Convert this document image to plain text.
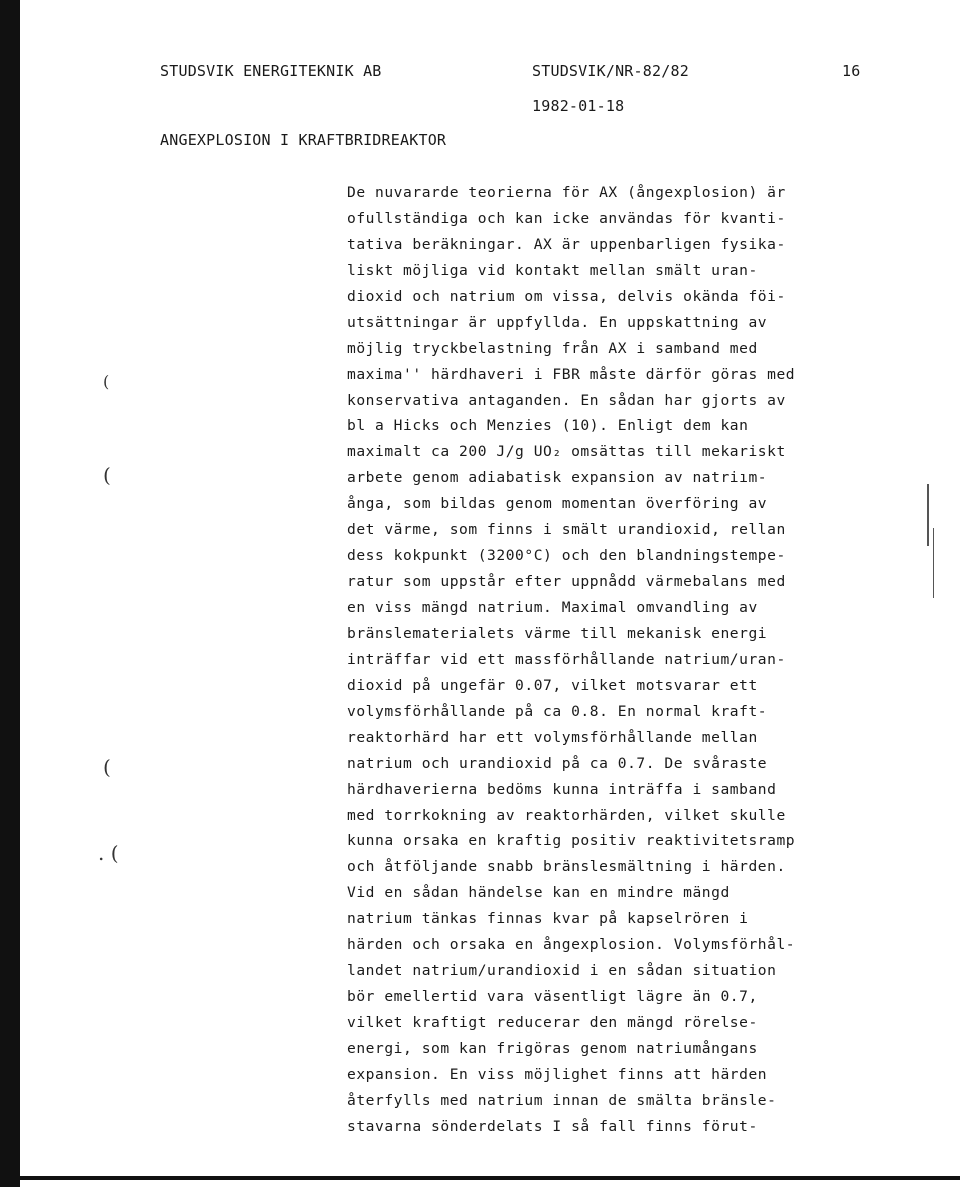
STUDSVIK ENERGITEKNIK AB	STUDSVIK/NR-82/82	16
1982-01-18
ANGEXPLOSION I KRAFTBRIDREAKTOR
(
(
(
. (
De nuvararde teorierna för AX (ångexplosion) är
ofullständiga och kan icke användas för kvanti-
tativa beräkningar. AX är uppenbarligen fysika-
liskt möjliga vid kontakt mellan smält uran-
dioxid och natrium om vissa, delvis okända föi-
utsättningar är uppfyllda. En uppskattning av
möjlig tryckbelastning från AX i samband med
maxima'' härdhaveri i FBR måste därför göras med
konservativa antaganden. En sådan har gjorts av
bl a Hicks och Menzies (10). Enligt dem kan
maximalt ca 200 J/g UO₂ omsättas till mekariskt
arbete genom adiabatisk expansion av natriım-
ånga, som bildas genom momentan överföring av
det värme, som finns i smält urandioxid, rellan
dess kokpunkt (3200°C) och den blandningstempe-
ratur som uppstår efter uppnådd värmebalans med
en viss mängd natrium. Maximal omvandling av
bränslematerialets värme till mekanisk energi
inträffar vid ett massförhållande natrium/uran-
dioxid på ungefär 0.07, vilket motsvarar ett
volymsförhållande på ca 0.8. En normal kraft-
reaktorhärd har ett volymsförhållande mellan
natrium och urandioxid på ca 0.7. De svåraste
härdhaverierna bedöms kunna inträffa i samband
med torrkokning av reaktorhärden, vilket skulle
kunna orsaka en kraftig positiv reaktivitetsramp
och åtföljande snabb bränslesmältning i härden.
Vid en sådan händelse kan en mindre mängd
natrium tänkas finnas kvar på kapselrören i
härden och orsaka en ångexplosion. Volymsförhål-
landet natrium/urandioxid i en sådan situation
bör emellertid vara väsentligt lägre än 0.7,
vilket kraftigt reducerar den mängd rörelse-
energi, som kan frigöras genom natriumångans
expansion. En viss möjlighet finns att härden
återfylls med natrium innan de smälta bränsle-
stavarna sönderdelats I så fall finns förut-
